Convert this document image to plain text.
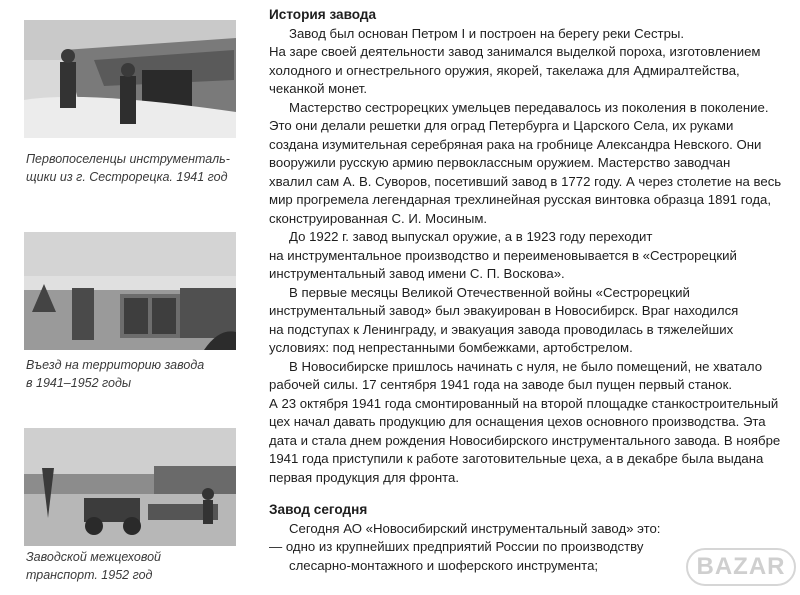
Первопоселенцы инструменталь-
щики из г. Сестрорецка. 1941 год
Въезд на территорию завода
в 1941–1952 годы
Заводской межцеховой
транспорт. 1952 год
История завода

Завод был основан Петром I и построен на берегу реки Сестры.

На заре своей деятельности завод занимался выделкой пороха, изготовлением

холодного и огнестрельного оружия, якорей, такелажа для Адмиралтейства,

чеканкой монет.

Мастерство сестрорецких умельцев передавалось из поколения в поколение.

Это они делали решетки для оград Петербурга и Царского Села, их руками

создана изумительная серебряная рака на гробнице Александра Невского. Они

вооружили русскую армию первоклассным оружием. Мастерство заводчан

хвалил сам А. В. Суворов, посетивший завод в 1772 году. А через столетие на весь

мир прогремела легендарная трехлинейная русская винтовка образца 1891 года,

сконструированная С. И. Мосиным.

До 1922 г. завод выпускал оружие, а в 1923 году переходит

на инструментальное производство и переименовывается в «Сестрорецкий

инструментальный завод имени С. П. Воскова».

В первые месяцы Великой Отечественной войны «Сестрорецкий

инструментальный завод» был эвакуирован в Новосибирск. Враг находился

на подступах к Ленинграду, и эвакуация завода проводилась в тяжелейших

условиях: под непрестанными бомбежками, артобстрелом.

В Новосибирске пришлось начинать с нуля, не было помещений, не хватало

рабочей силы. 17 сентября 1941 года на заводе был пущен первый станок.

А 23 октября 1941 года смонтированный на второй площадке станкостроительный

цех начал давать продукцию для оснащения цехов основного производства. Эта

дата и стала днем рождения Новосибирского инструментального завода. В ноябре

1941 года приступили к работе заготовительные цеха, а в декабре была выдана

первая продукция для фронта.

Завод сегодня

Сегодня АО «Новосибирский инструментальный завод» это:

— одно из крупнейших предприятий России по производству

слесарно-монтажного и шоферского инструмента;	BAZAR
